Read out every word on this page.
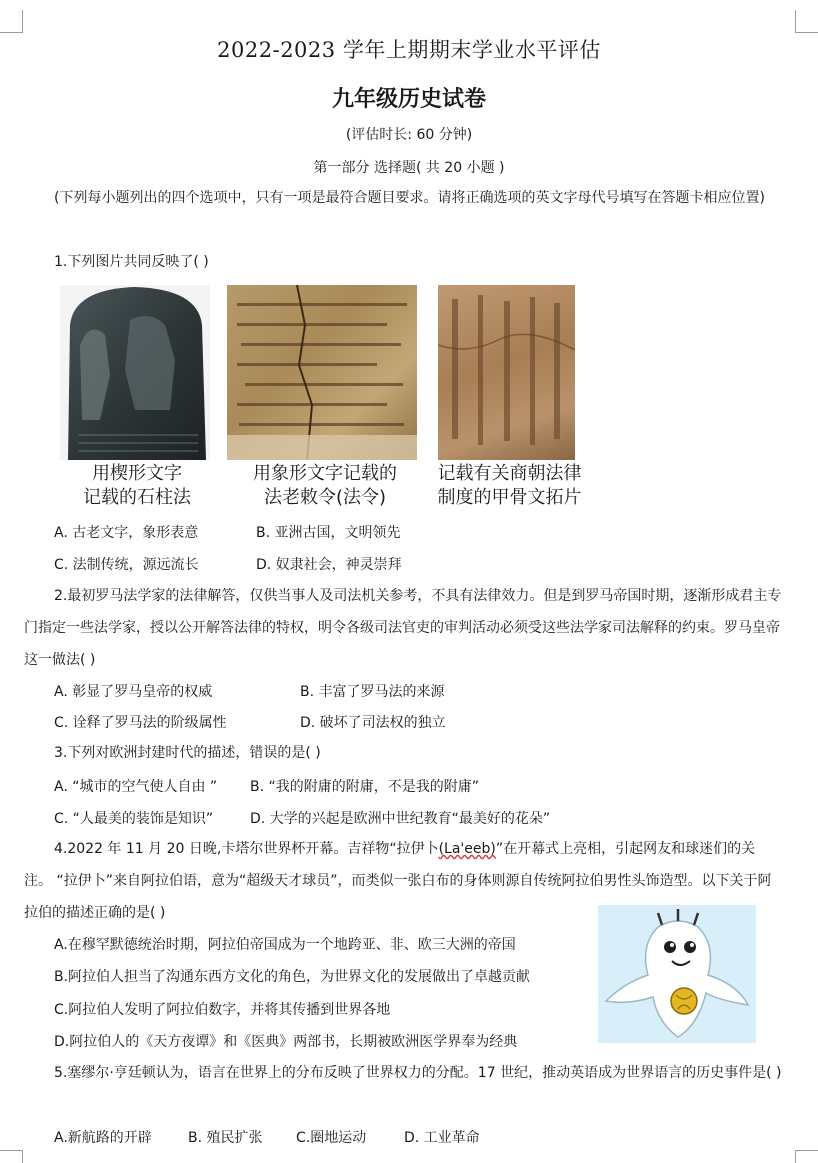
2022-2023 学年上期期末学业水平评估
九年级历史试卷
(评估时长: 60 分钟)
第一部分 选择题( 共 20 小题 )
(下列每小题列出的四个选项中，只有一项是最符合题目要求。请将正确选项的英文字母代号填写在答题卡相应位置)
1.下列图片共同反映了( )
用楔形文字
记载的石柱法
用象形文字记载的
法老敕令(法令)
记载有关商朝法律
制度的甲骨文拓片
A. 古老文字，象形表意	B. 亚洲古国，文明领先
C. 法制传统，源远流长	D. 奴隶社会，神灵崇拜
2.最初罗马法学家的法律解答，仅供当事人及司法机关参考，不具有法律效力。但是到罗马帝国时期，逐渐形成君主专门指定一些法学家，授以公开解答法律的特权，明令各级司法官吏的审判活动必须受这些法学家司法解释的约束。罗马皇帝这一做法( )
A. 彰显了罗马皇帝的权威	B. 丰富了罗马法的来源
C. 诠释了罗马法的阶级属性	D. 破坏了司法权的独立
3.下列对欧洲封建时代的描述，错误的是( )
A. “城市的空气使人自由 ” B. “我的附庸的附庸，不是我的附庸”
C. “人最美的装饰是知识”	D. 大学的兴起是欧洲中世纪教育“最美好的花朵”
4.2022 年 11 月 20 日晚,卡塔尔世界杯开幕。吉祥物“拉伊卜(La'eeb)”在开幕式上亮相，引起网友和球迷们的关注。 “拉伊卜”来自阿拉伯语，意为“超级天才球员”，而类似一张白布的身体则源自传统阿拉伯男性头饰造型。以下关于阿拉伯的描述正确的是( )
A.在穆罕默德统治时期，阿拉伯帝国成为一个地跨亚、非、欧三大洲的帝国
B.阿拉伯人担当了沟通东西方文化的角色，为世界文化的发展做出了卓越贡献
C.阿拉伯人发明了阿拉伯数字，并将其传播到世界各地
D.阿拉伯人的《天方夜谭》和《医典》两部书，长期被欧洲医学界奉为经典
5.塞缪尔·亨廷顿认为，语言在世界上的分布反映了世界权力的分配。17 世纪，推动英语成为世界语言的历史事件是( )
A.新航路的开辟	B. 殖民扩张 C.圈地运动	D. 工业革命
